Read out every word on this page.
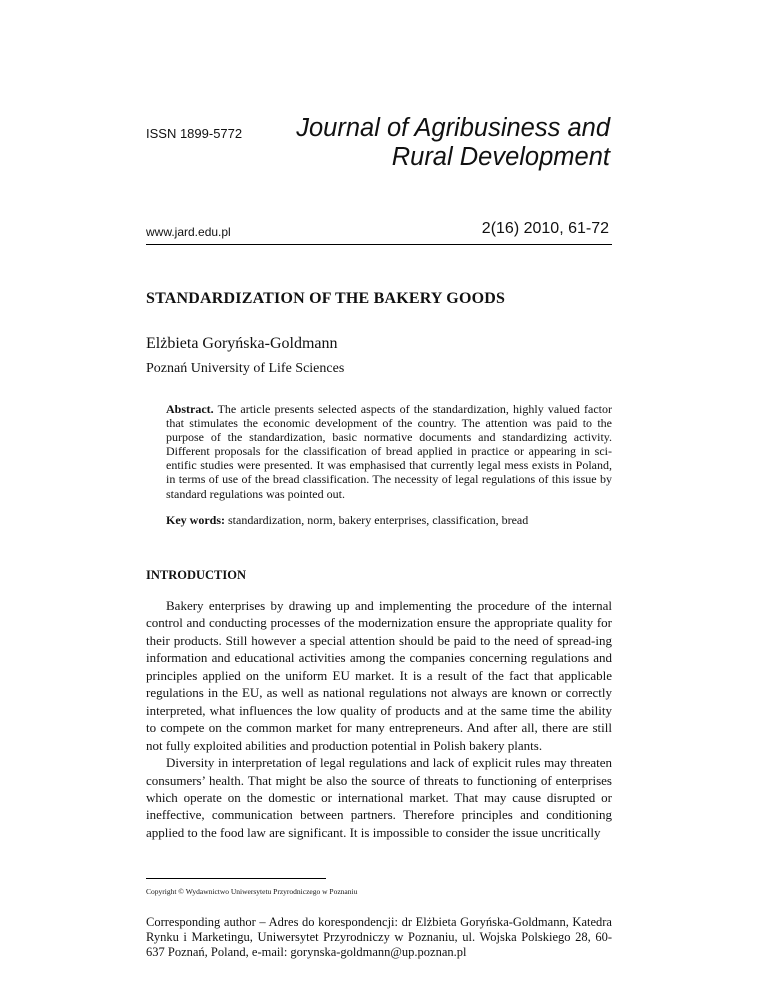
ISSN 1899-5772	Journal of Agribusiness and
Rural Development
www.jard.edu.pl	2(16) 2010, 61-72
STANDARDIZATION OF THE BAKERY GOODS
Elżbieta Goryńska-Goldmann
Poznań University of Life Sciences

Abstract. The article presents selected aspects of the standardization, highly valued factor that stimulates the economic development of the country. The attention was paid to the purpose of the standardization, basic normative documents and standardizing activity. Different proposals for the classification of bread applied in practice or appearing in sci-entific studies were presented. It was emphasised that currently legal mess exists in Poland, in terms of use of the bread classification. The necessity of legal regulations of this issue by standard regulations was pointed out.

Key words: standardization, norm, bakery enterprises, classification, bread

INTRODUCTION

Bakery enterprises by drawing up and implementing the procedure of the internal control and conducting processes of the modernization ensure the appropriate quality for their products. Still however a special attention should be paid to the need of spread-ing information and educational activities among the companies concerning regulations and principles applied on the uniform EU market. It is a result of the fact that applicable regulations in the EU, as well as national regulations not always are known or correctly interpreted, what influences the low quality of products and at the same time the ability to compete on the common market for many entrepreneurs. And after all, there are still not fully exploited abilities and production potential in Polish bakery plants.

Diversity in interpretation of legal regulations and lack of explicit rules may threaten consumers’ health. That might be also the source of threats to functioning of enterprises which operate on the domestic or international market. That may cause disrupted or ineffective, communication between partners. Therefore principles and conditioning applied to the food law are significant. It is impossible to consider the issue uncritically

Copyright © Wydawnictwo Uniwersytetu Przyrodniczego w Poznaniu

Corresponding author – Adres do korespondencji: dr Elżbieta Goryńska-Goldmann, Katedra Rynku i Marketingu, Uniwersytet Przyrodniczy w Poznaniu, ul. Wojska Polskiego 28, 60-637 Poznań, Poland, e-mail: gorynska-goldmann@up.poznan.pl
